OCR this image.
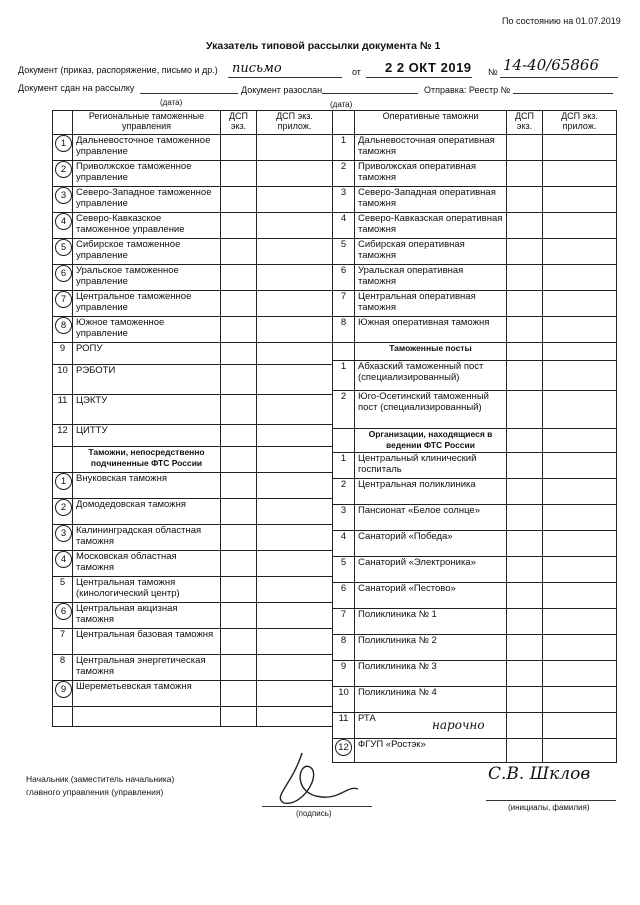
По состоянию на 01.07.2019
Указатель типовой рассылки документа № 1
Документ (приказ, распоряжение, письмо и др.) письмо	от 2 2 ОКТ 2019 № 14-40/65866
Документ сдан на рассылку	Документ разослан	Отправка: Реестр №
(дата)	(дата)
	Региональные таможенные управления	ДСП экз.	ДСП экз. прилож.
1	Дальневосточное таможенное управление		
2	Приволжское таможенное управление		
3	Северо-Западное таможенное управление		
4	Северо-Кавказское таможенное управление		
5	Сибирское таможенное управление		
6	Уральское таможенное управление		
7	Центральное таможенное управление		
8	Южное таможенное управление		
9	РОПУ		
10	РЭБОТИ		
11	ЦЭКТУ		
12	ЦИТТУ		
	Таможни, непосредственно подчиненные ФТС России		
1	Внуковская таможня		
2	Домодедовская таможня		
3	Калининградская областная таможня		
4	Московская областная таможня		
5	Центральная таможня (кинологический центр)		
6	Центральная акцизная таможня		
7	Центральная базовая таможня		
8	Центральная энергетическая таможня		
9	Шереметьевская таможня		

	Оперативные таможни	ДСП экз.	ДСП экз. прилож.
1	Дальневосточная оперативная таможня		
2	Приволжская оперативная таможня		
3	Северо-Западная оперативная таможня		
4	Северо-Кавказская оперативная таможня		
5	Сибирская оперативная таможня		
6	Уральская оперативная таможня		
7	Центральная оперативная таможня		
8	Южная оперативная таможня		
	Таможенные посты		
1	Абхазский таможенный пост (специализированный)		
2	Юго-Осетинский таможенный пост (специализированный)		
	Организации, находящиеся в ведении ФТС России		
1	Центральный клинический госпиталь		
2	Центральная поликлиника		
3	Пансионат «Белое солнце»		
4	Санаторий «Победа»		
5	Санаторий «Электроника»		
6	Санаторий «Пестово»		
7	Поликлиника № 1		
8	Поликлиника № 2		
9	Поликлиника № 3		
10	Поликлиника № 4		
11	РТА		
12	ФГУП «Ростэк»		
нарочно
Начальник (заместитель начальника)
главного управления (управления)
(подпись)
С.В. Шклов
(инициалы, фамилия)
